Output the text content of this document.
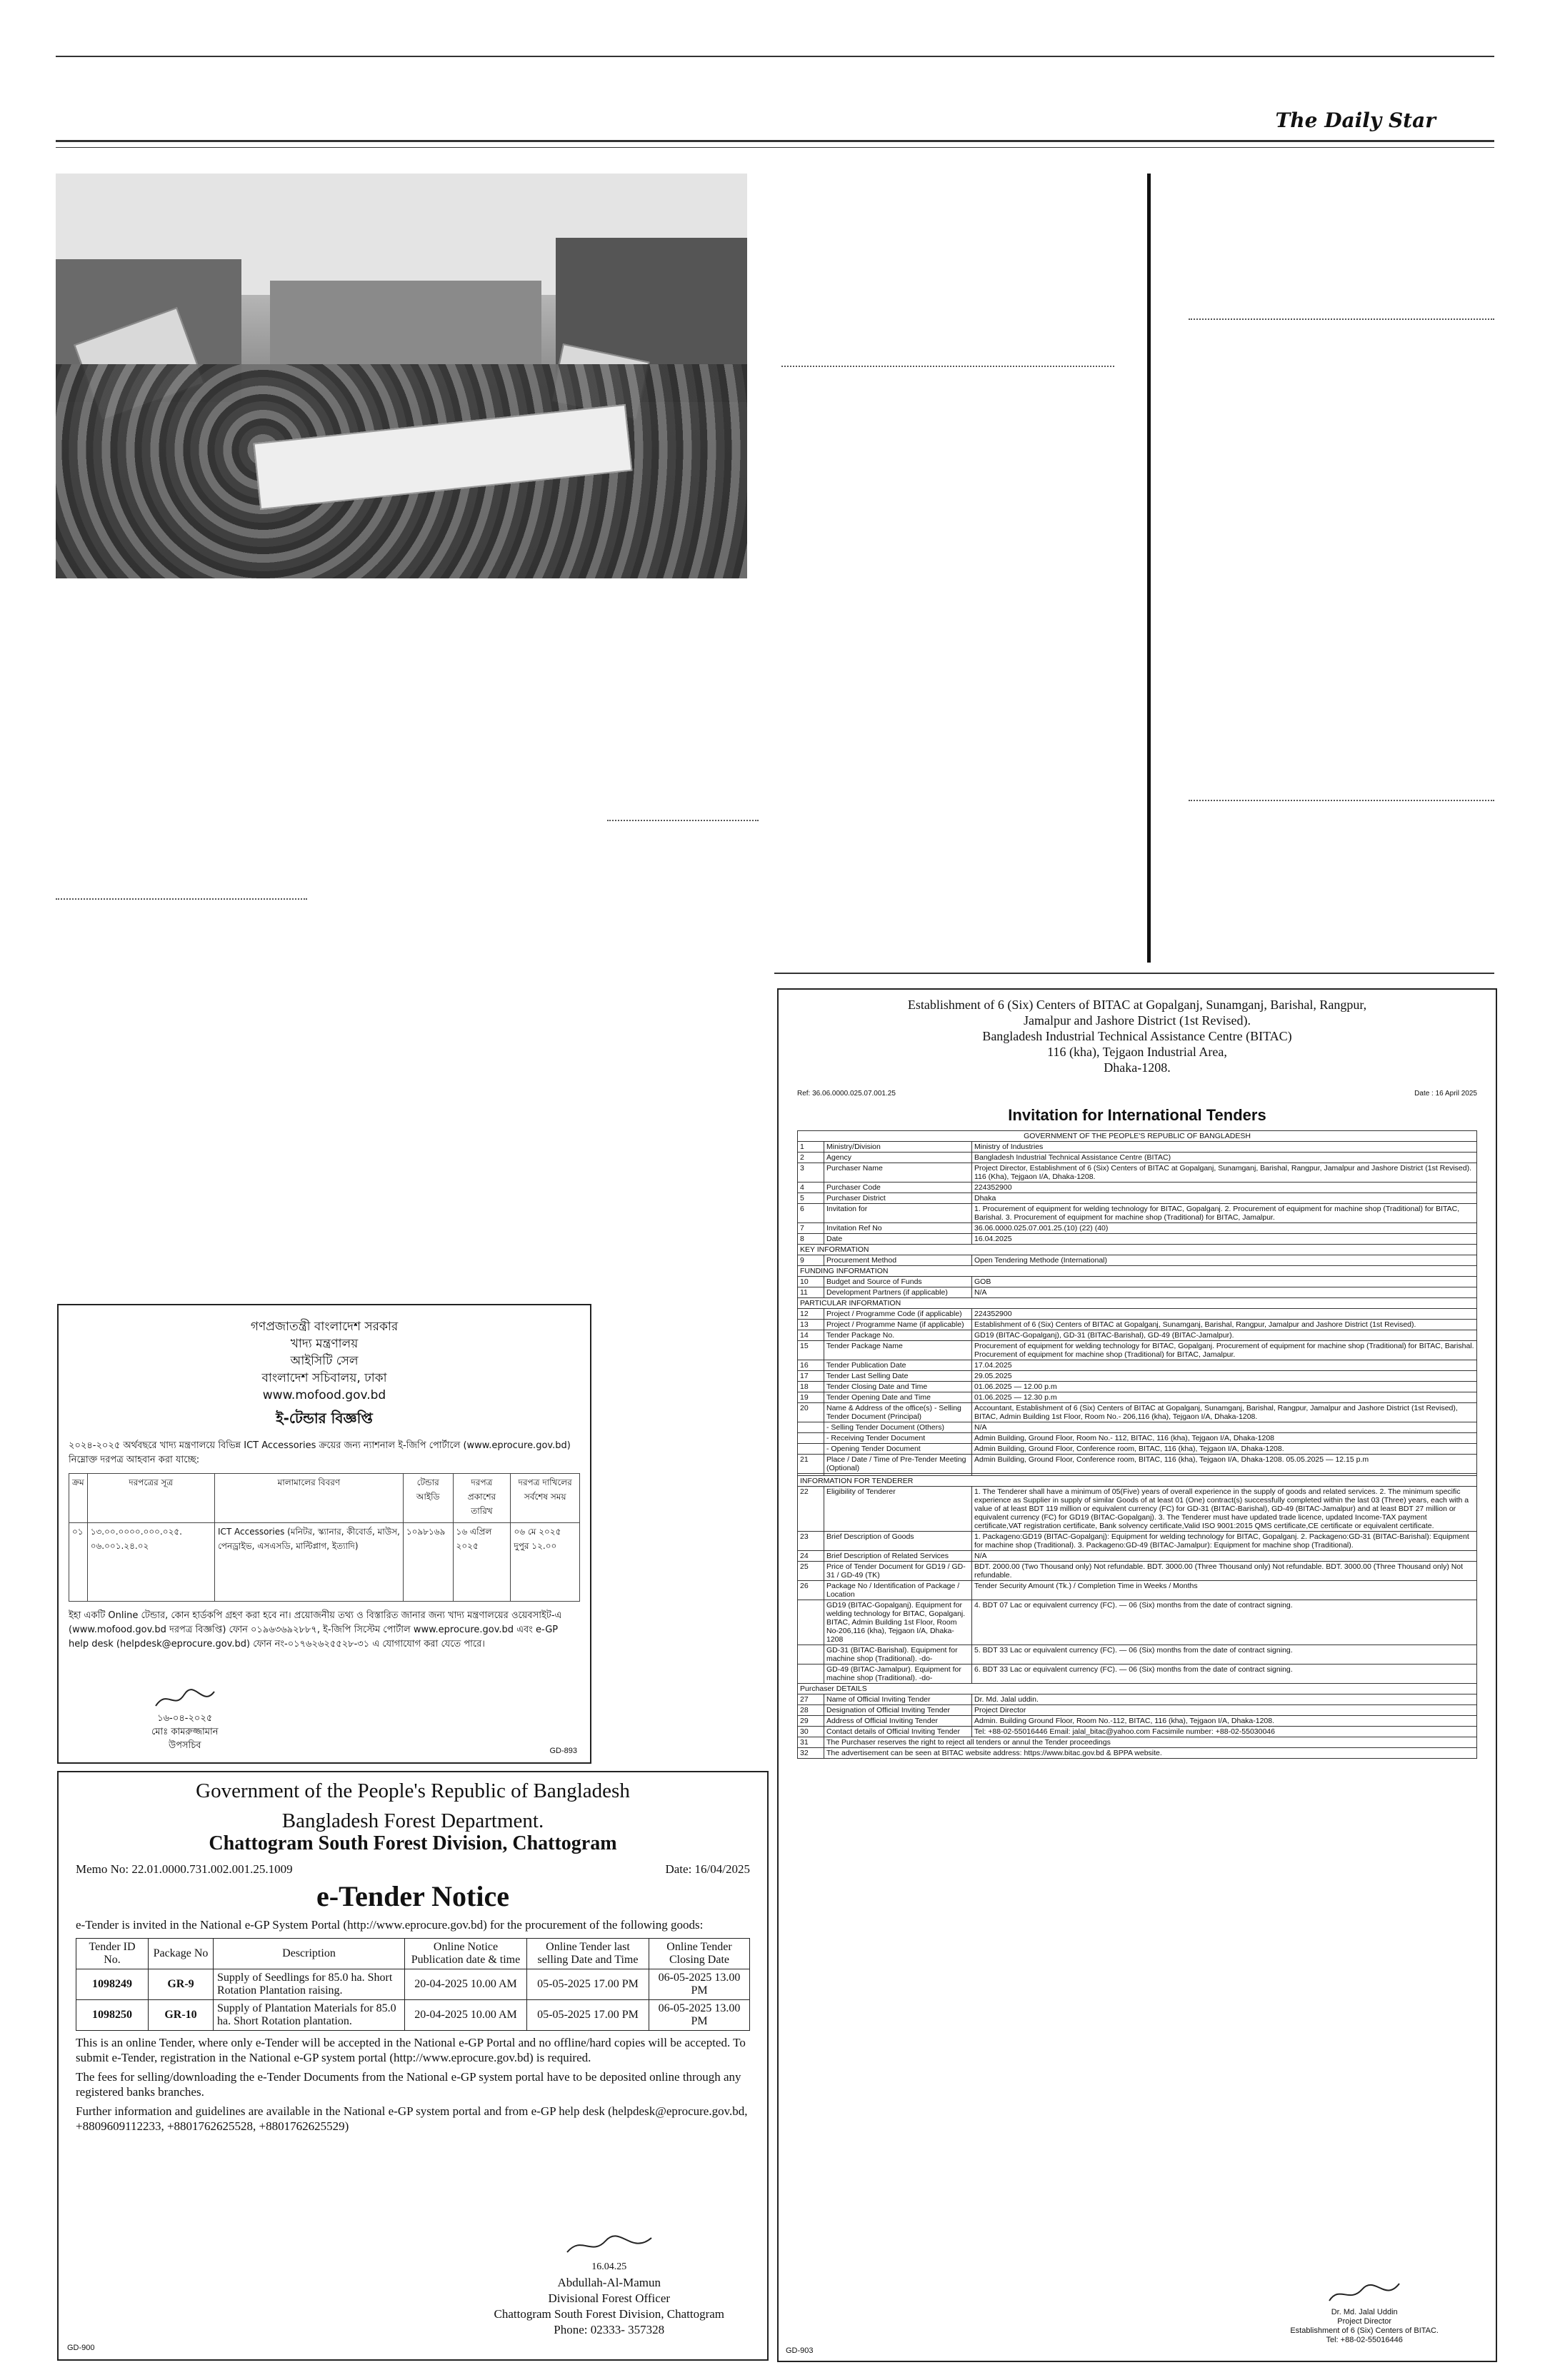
The Daily Star
গণপ্রজাতন্ত্রী বাংলাদেশ সরকার
খাদ্য মন্ত্রণালয়
আইসিটি সেল
বাংলাদেশ সচিবালয়, ঢাকা
www.mofood.gov.bd
ই-টেন্ডার বিজ্ঞপ্তি
২০২৪-২০২৫ অর্থবছরে খাদ্য মন্ত্রণালয়ে বিভিন্ন ICT Accessories ক্রয়ের জন্য ন্যাশনাল ই-জিপি পোর্টালে (www.eprocure.gov.bd) নিম্নোক্ত দরপত্র আহবান করা যাচ্ছে:
ক্রম	দরপত্রের সূত্র	মালামালের বিবরণ	টেন্ডার আইডি	দরপত্র প্রকাশের তারিখ	দরপত্র দাখিলের সর্বশেষ সময়
০১	১৩.০০.০০০০.০০০.০২৫. ০৬.০০১.২৪.০২	ICT Accessories (মনিটর, স্ক্যানার, কীবোর্ড, মাউস, পেনড্রাইভ, এসএসডি, মাল্টিপ্লাগ, ইত্যাদি)	১০৯৮১৬৯	১৬ এপ্রিল ২০২৫	০৬ মে ২০২৫ দুপুর ১২.০০
ইহা একটি Online টেন্ডার, কোন হার্ডকপি গ্রহণ করা হবে না। প্রয়োজনীয় তথ্য ও বিস্তারিত জানার জন্য খাদ্য মন্ত্রণালয়ের ওয়েবসাইট-এ (www.mofood.gov.bd দরপত্র বিজ্ঞপ্তি) ফোন ০১৯৬৩৬৯২৮৮৭, ই-জিপি সিস্টেম পোর্টাল www.eprocure.gov.bd এবং e-GP help desk (helpdesk@eprocure.gov.bd) ফোন নং-০১৭৬২৬২৫৫২৮-৩১ এ যোগাযোগ করা যেতে পারে।
১৬-০৪-২০২৫
মোঃ কামরুজ্জামান
উপসচিব	GD-893
Government of the People's Republic of Bangladesh
Bangladesh Forest Department.
Chattogram South Forest Division, Chattogram
Memo No: 22.01.0000.731.002.001.25.1009	Date: 16/04/2025
e-Tender Notice
e-Tender is invited in the National e-GP System Portal (http://www.eprocure.gov.bd) for the procurement of the following goods:
Tender ID No.	Package No	Description	Online Notice Publication date & time	Online Tender last selling Date and Time	Online Tender Closing Date
1098249	GR-9	Supply of Seedlings for 85.0 ha. Short Rotation Plantation raising.	20-04-2025 10.00 AM	05-05-2025 17.00 PM	06-05-2025 13.00 PM
1098250	GR-10	Supply of Plantation Materials for 85.0 ha. Short Rotation plantation.	20-04-2025 10.00 AM	05-05-2025 17.00 PM	06-05-2025 13.00 PM
This is an online Tender, where only e-Tender will be accepted in the National e-GP Portal and no offline/hard copies will be accepted. To submit e-Tender, registration in the National e-GP system portal (http://www.eprocure.gov.bd) is required.
The fees for selling/downloading the e-Tender Documents from the National e-GP system portal have to be deposited online through any registered banks branches.
Further information and guidelines are available in the National e-GP system portal and from e-GP help desk (helpdesk@eprocure.gov.bd, +8809609112233, +8801762625528, +8801762625529)
16.04.25
Abdullah-Al-Mamun
Divisional Forest Officer
Chattogram South Forest Division, Chattogram
Phone: 02333- 357328
GD-900
Establishment of 6 (Six) Centers of BITAC at Gopalganj, Sunamganj, Barishal, Rangpur,
Jamalpur and Jashore District (1st Revised).
Bangladesh Industrial Technical Assistance Centre (BITAC)
116 (kha), Tejgaon Industrial Area,
Dhaka-1208.
Ref: 36.06.0000.025.07.001.25	Date : 16 April 2025
Invitation for International Tenders
GOVERNMENT OF THE PEOPLE'S REPUBLIC OF BANGLADESH		
1	Ministry/Division	Ministry of Industries
2	Agency	Bangladesh Industrial Technical Assistance Centre (BITAC)
3	Purchaser Name	Project Director, Establishment of 6 (Six) Centers of BITAC at Gopalganj, Sunamganj, Barishal, Rangpur, Jamalpur and Jashore District (1st Revised). 116 (Kha), Tejgaon I/A, Dhaka-1208.
4	Purchaser Code	224352900
5	Purchaser District	Dhaka
6	Invitation for	1. Procurement of equipment for welding technology for BITAC, Gopalganj. 2. Procurement of equipment for machine shop (Traditional) for BITAC, Barishal. 3. Procurement of equipment for machine shop (Traditional) for BITAC, Jamalpur.
7	Invitation Ref No	36.06.0000.025.07.001.25.(10) (22) (40)
8	Date	16.04.2025
KEY INFORMATION		
9	Procurement Method	Open Tendering Methode (International)
FUNDING INFORMATION		
10	Budget and Source of Funds	GOB
11	Development Partners (if applicable)	N/A
PARTICULAR INFORMATION		
12	Project / Programme Code (if applicable)	224352900
13	Project / Programme Name (if applicable)	Establishment of 6 (Six) Centers of BITAC at Gopalganj, Sunamganj, Barishal, Rangpur, Jamalpur and Jashore District (1st Revised).
14	Tender Package No.	GD19 (BITAC-Gopalganj), GD-31 (BITAC-Barishal), GD-49 (BITAC-Jamalpur).
15	Tender Package Name	Procurement of equipment for welding technology for BITAC, Gopalganj. Procurement of equipment for machine shop (Traditional) for BITAC, Barishal. Procurement of equipment for machine shop (Traditional) for BITAC, Jamalpur.
16	Tender Publication Date	17.04.2025
17	Tender Last Selling Date	29.05.2025
18	Tender Closing Date and Time	01.06.2025 — 12.00 p.m
19	Tender Opening Date and Time	01.06.2025 — 12.30 p.m
20	Name & Address of the office(s) - Selling Tender Document (Principal)	Accountant, Establishment of 6 (Six) Centers of BITAC at Gopalganj, Sunamganj, Barishal, Rangpur, Jamalpur and Jashore District (1st Revised), BITAC, Admin Building 1st Floor, Room No.- 206,116 (kha), Tejgaon I/A, Dhaka-1208.
	- Selling Tender Document (Others)	N/A
	- Receiving Tender Document	Admin Building, Ground Floor, Room No.- 112, BITAC, 116 (kha), Tejgaon I/A, Dhaka-1208
	- Opening Tender Document	Admin Building, Ground Floor, Conference room, BITAC, 116 (kha), Tejgaon I/A, Dhaka-1208.
21	Place / Date / Time of Pre-Tender Meeting (Optional)	Admin Building, Ground Floor, Conference room, BITAC, 116 (kha), Tejgaon I/A, Dhaka-1208. 05.05.2025 — 12.15 p.m

INFORMATION FOR TENDERER		
22	Eligibility of Tenderer	1. The Tenderer shall have a minimum of 05(Five) years of overall experience in the supply of goods and related services. 2. The minimum specific experience as Supplier in supply of similar Goods of at least 01 (One) contract(s) successfully completed within the last 03 (Three) years, each with a value of at least BDT 119 million or equivalent currency (FC) for GD-31 (BITAC-Barishal), GD-49 (BITAC-Jamalpur) and at least BDT 27 million or equivalent currency (FC) for GD19 (BITAC-Gopalganj). 3. The Tenderer must have updated trade licence, updated Income-TAX payment certificate,VAT registration certificate, Bank solvency certificate,Valid ISO 9001:2015 QMS certificate,CE certificate or equivalent certificate.
23	Brief Description of Goods	1. Packageno:GD19 (BITAC-Gopalganj): Equipment for welding technology for BITAC, Gopalganj. 2. Packageno:GD-31 (BITAC-Barishal): Equipment for machine shop (Traditional). 3. Packageno:GD-49 (BITAC-Jamalpur): Equipment for machine shop (Traditional).
24	Brief Description of Related Services	N/A
25	Price of Tender Document for GD19 / GD-31 / GD-49 (TK)	BDT. 2000.00 (Two Thousand only) Not refundable. BDT. 3000.00 (Three Thousand only) Not refundable. BDT. 3000.00 (Three Thousand only) Not refundable.
26	Package No / Identification of Package / Location	Tender Security Amount (Tk.) / Completion Time in Weeks / Months
	GD19 (BITAC-Gopalganj). Equipment for welding technology for BITAC, Gopalganj. BITAC, Admin Building 1st Floor, Room No-206,116 (kha), Tejgaon I/A, Dhaka-1208	4. BDT 07 Lac or equivalent currency (FC). — 06 (Six) months from the date of contract signing.
	GD-31 (BITAC-Barishal). Equipment for machine shop (Traditional). -do-	5. BDT 33 Lac or equivalent currency (FC). — 06 (Six) months from the date of contract signing.
	GD-49 (BITAC-Jamalpur). Equipment for machine shop (Traditional). -do-	6. BDT 33 Lac or equivalent currency (FC). — 06 (Six) months from the date of contract signing.
Purchaser DETAILS		
27	Name of Official Inviting Tender	Dr. Md. Jalal uddin.
28	Designation of Official Inviting Tender	Project Director
29	Address of Official Inviting Tender	Admin. Building Ground Floor, Room No.-112, BITAC, 116 (kha), Tejgaon I/A, Dhaka-1208.
30	Contact details of Official Inviting Tender	Tel: +88-02-55016446 Email: jalal_bitac@yahoo.com Facsimile number: +88-02-55030046
31	The Purchaser reserves the right to reject all tenders or annul the Tender proceedings	
32	The advertisement can be seen at BITAC website address: https://www.bitac.gov.bd & BPPA website.	
Dr. Md. Jalal Uddin
Project Director
Establishment of 6 (Six) Centers of BITAC.
Tel: +88-02-55016446
GD-903
